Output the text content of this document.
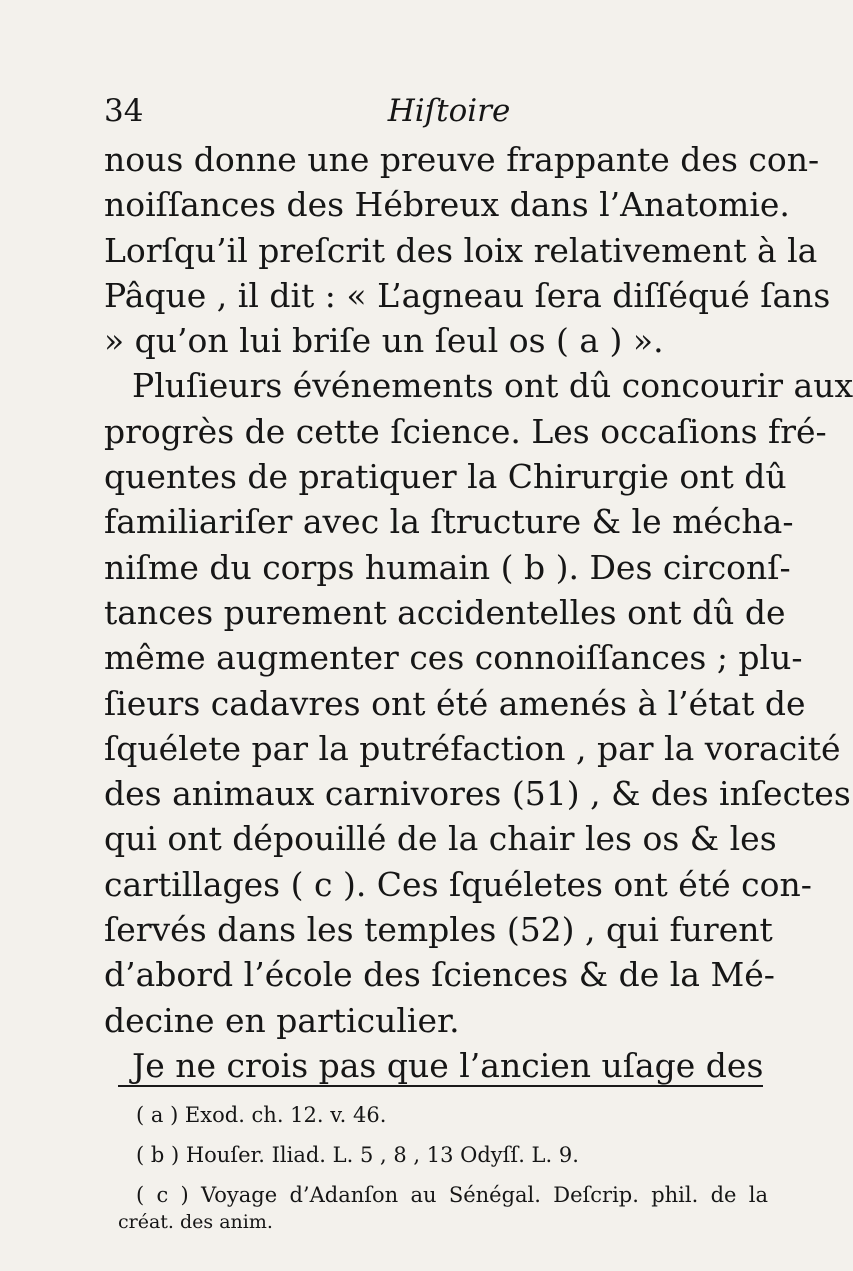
34	Hiſtoire
nous donne une preuve frappante des con-
noiſſances des Hébreux dans l’Anatomie.
Lorſqu’il preſcrit des loix relativement à la
Pâque , il dit : « L’agneau ſera diſſéqué ſans
» qu’on lui briſe un ſeul os ( a ) ».
Pluſieurs événements ont dû concourir aux
progrès de cette ſcience. Les occaſions fré-
quentes de pratiquer la Chirurgie ont dû
familiariſer avec la ſtructure & le mécha-
niſme du corps humain ( b ). Des circonſ-
tances purement accidentelles ont dû de
même augmenter ces connoiſſances ; plu-
ſieurs cadavres ont été amenés à l’état de
ſquélete par la putréfaction , par la voracité
des animaux carnivores (51) , & des inſectes
qui ont dépouillé de la chair les os & les
cartillages ( c ). Ces ſquéletes ont été con-
ſervés dans les temples (52) , qui furent
d’abord l’école des ſciences & de la Mé-
decine en particulier.
Je ne crois pas que l’ancien uſage des
( a ) Exod. ch. 12. v. 46.
( b ) Houſer. Iliad. L. 5 , 8 , 13 Odyſſ. L. 9.
( c ) Voyage d’Adanſon au Sénégal. Deſcrip. phil. de la
créat. des anim.
